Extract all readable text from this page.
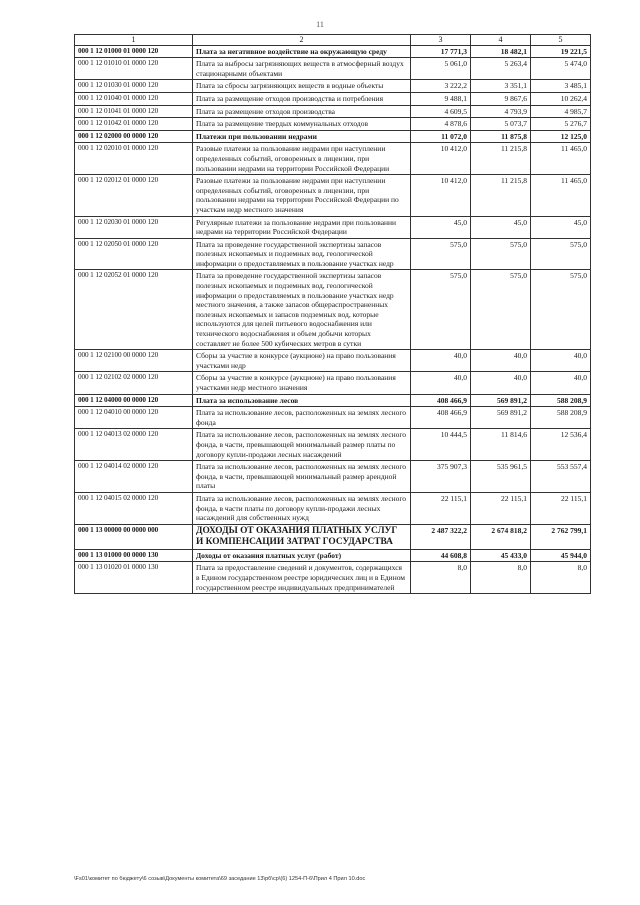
11
1	2	3	4	5
000 1 12 01000 01 0000 120	Плата за негативное воздействие на окружающую среду	17 771,3	18 482,1	19 221,5
000 1 12 01010 01 0000 120	Плата за выбросы загрязняющих веществ в атмосферный воздух стационарными объектами	5 061,0	5 263,4	5 474,0
000 1 12 01030 01 0000 120	Плата за сбросы загрязняющих веществ в водные объекты	3 222,2	3 351,1	3 485,1
000 1 12 01040 01 0000 120	Плата за размещение отходов производства и потребления	9 488,1	9 867,6	10 262,4
000 1 12 01041 01 0000 120	Плата за размещение отходов производства	4 609,5	4 793,9	4 985,7
000 1 12 01042 01 0000 120	Плата за размещение твердых коммунальных отходов	4 878,6	5 073,7	5 276,7
000 1 12 02000 00 0000 120	Платежи при пользовании недрами	11 072,0	11 875,8	12 125,0
000 1 12 02010 01 0000 120	Разовые платежи за пользование недрами при наступлении определенных событий, оговоренных в лицензии, при пользовании недрами на территории Российской Федерации	10 412,0	11 215,8	11 465,0
000 1 12 02012 01 0000 120	Разовые платежи за пользование недрами при наступлении определенных событий, оговоренных в лицензии, при пользовании недрами на территории Российской Федерации по участкам недр местного значения	10 412,0	11 215,8	11 465,0
000 1 12 02030 01 0000 120	Регулярные платежи за пользование недрами при пользовании недрами на территории Российской Федерации	45,0	45,0	45,0
000 1 12 02050 01 0000 120	Плата за проведение государственной экспертизы запасов полезных ископаемых и подземных вод, геологической информации о предоставляемых в пользование участках недр	575,0	575,0	575,0
000 1 12 02052 01 0000 120	Плата за проведение государственной экспертизы запасов полезных ископаемых и подземных вод, геологической информации о предоставляемых в пользование участках недр местного значения, а также запасов общераспространенных полезных ископаемых и запасов подземных вод, которые используются для целей питьевого водоснабжения или технического водоснабжения и объем добычи которых составляет не более 500 кубических метров в сутки	575,0	575,0	575,0
000 1 12 02100 00 0000 120	Сборы за участие в конкурсе (аукционе) на право пользования участками недр	40,0	40,0	40,0
000 1 12 02102 02 0000 120	Сборы за участие в конкурсе (аукционе) на право пользования участками недр местного значения	40,0	40,0	40,0
000 1 12 04000 00 0000 120	Плата за использование лесов	408 466,9	569 891,2	588 208,9
000 1 12 04010 00 0000 120	Плата за использование лесов, расположенных на землях лесного фонда	408 466,9	569 891,2	588 208,9
000 1 12 04013 02 0000 120	Плата за использование лесов, расположенных на землях лесного фонда, в части, превышающей минимальный размер платы по договору купли-продажи лесных насаждений	10 444,5	11 814,6	12 536,4
000 1 12 04014 02 0000 120	Плата за использование лесов, расположенных на землях лесного фонда, в части, превышающей минимальный размер арендной платы	375 907,3	535 961,5	553 557,4
000 1 12 04015 02 0000 120	Плата за использование лесов, расположенных на землях лесного фонда, в части платы по договору купли-продажи лесных насаждений для собственных нужд	22 115,1	22 115,1	22 115,1
000 1 13 00000 00 0000 000	ДОХОДЫ ОТ ОКАЗАНИЯ ПЛАТНЫХ УСЛУГ И КОМПЕНСАЦИИ ЗАТРАТ ГОСУДАРСТВА	2 487 322,2	2 674 818,2	2 762 799,1
000 1 13 01000 00 0000 130	Доходы от оказания платных услуг (работ)	44 608,8	45 433,0	45 944,0
000 1 13 01020 01 0000 130	Плата за предоставление сведений и документов, содержащихся в Едином государственном реестре юридических лиц и в Едином государственном реестре индивидуальных предпринимателей	8,0	8,0	8,0
\Fs01\комитет по бюджету\6 созыв\Документы комитета\69 заседание 13\рб\ср\(6) 1254-П-6\Прил 4 Прил 10.doc
